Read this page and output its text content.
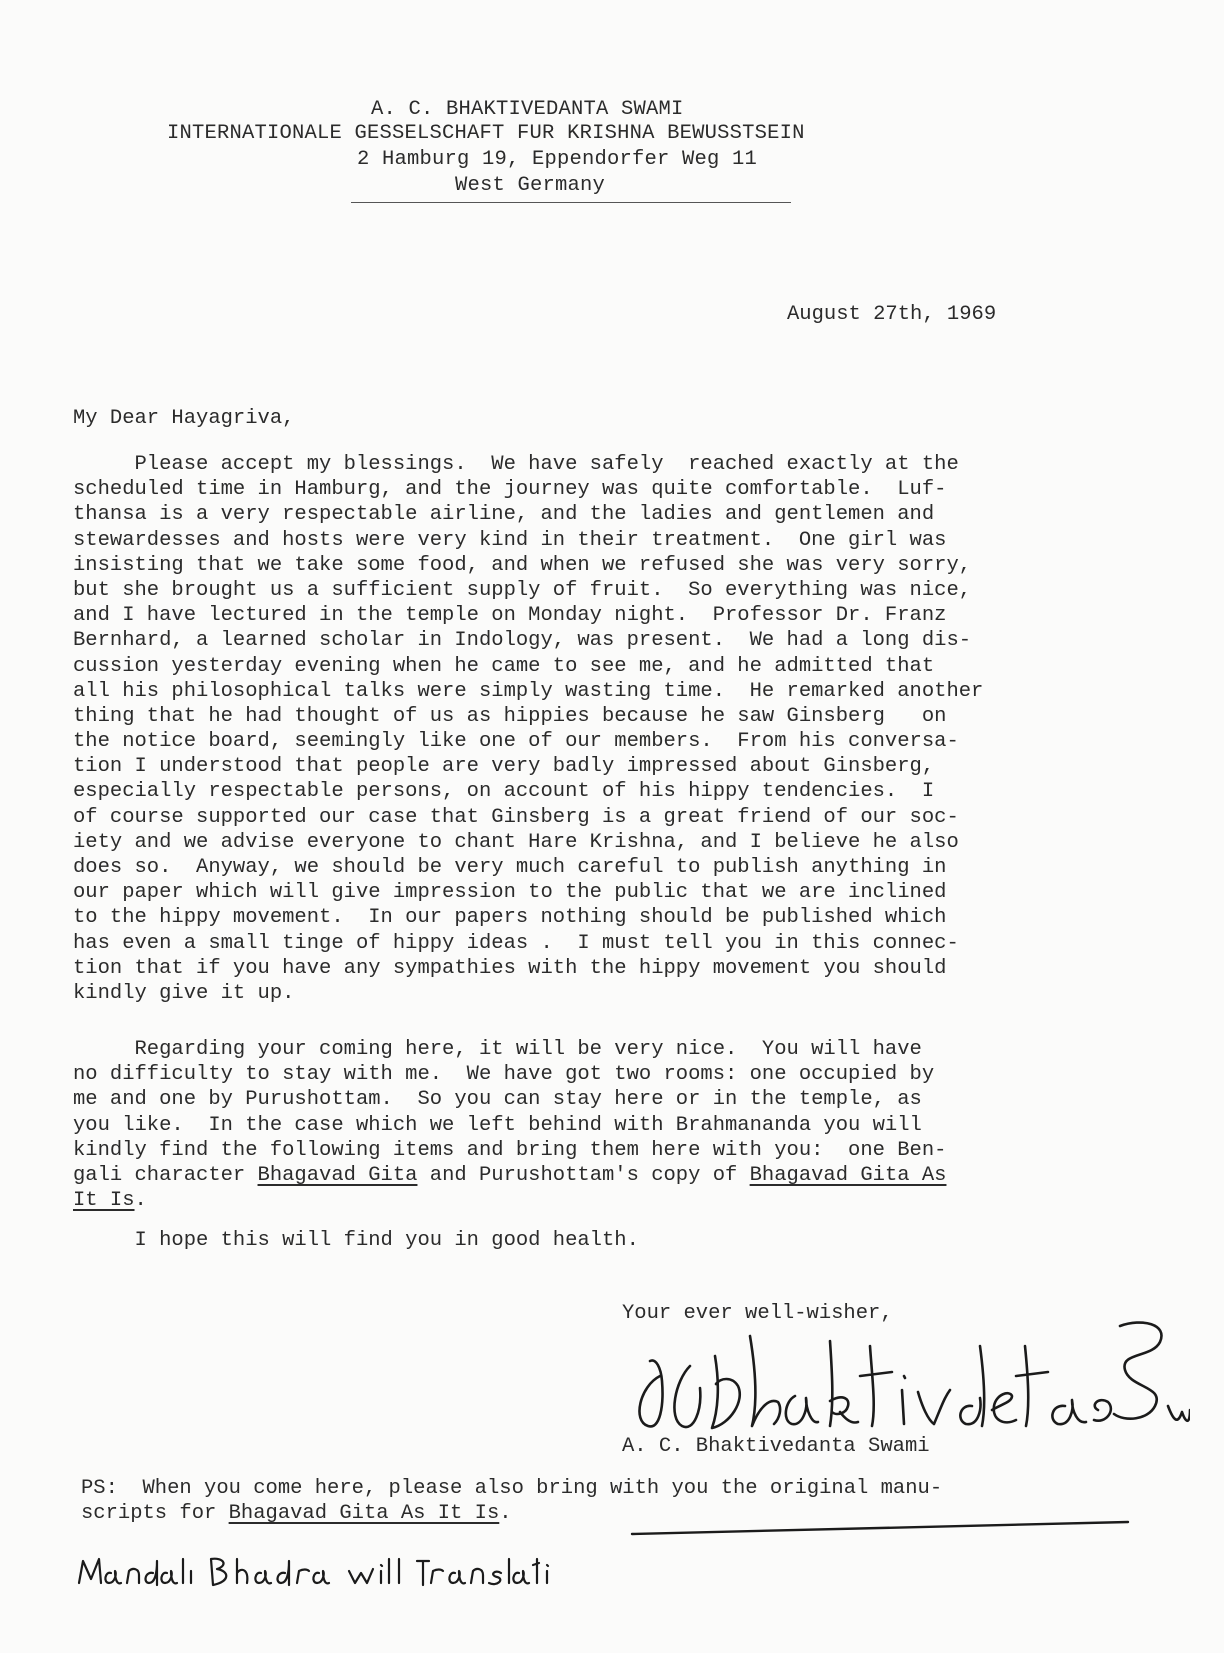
A. C. BHAKTIVEDANTA SWAMI
INTERNATIONALE GESSELSCHAFT FUR KRISHNA BEWUSSTSEIN
2 Hamburg 19, Eppendorfer Weg 11
West Germany
August 27th, 1969
My Dear Hayagriva,
Please accept my blessings.  We have safely  reached exactly at the
scheduled time in Hamburg, and the journey was quite comfortable.  Luf-
thansa is a very respectable airline, and the ladies and gentlemen and
stewardesses and hosts were very kind in their treatment.  One girl was
insisting that we take some food, and when we refused she was very sorry,
but she brought us a sufficient supply of fruit.  So everything was nice,
and I have lectured in the temple on Monday night.  Professor Dr. Franz
Bernhard, a learned scholar in Indology, was present.  We had a long dis-
cussion yesterday evening when he came to see me, and he admitted that
all his philosophical talks were simply wasting time.  He remarked another
thing that he had thought of us as hippies because he saw Ginsberg   on
the notice board, seemingly like one of our members.  From his conversa-
tion I understood that people are very badly impressed about Ginsberg,
especially respectable persons, on account of his hippy tendencies.  I
of course supported our case that Ginsberg is a great friend of our soc-
iety and we advise everyone to chant Hare Krishna, and I believe he also
does so.  Anyway, we should be very much careful to publish anything in
our paper which will give impression to the public that we are inclined
to the hippy movement.  In our papers nothing should be published which
has even a small tinge of hippy ideas .  I must tell you in this connec-
tion that if you have any sympathies with the hippy movement you should
kindly give it up.
Regarding your coming here, it will be very nice.  You will have
no difficulty to stay with me.  We have got two rooms: one occupied by
me and one by Purushottam.  So you can stay here or in the temple, as
you like.  In the case which we left behind with Brahmananda you will
kindly find the following items and bring them here with you:  one Ben-
gali character Bhagavad Gita and Purushottam's copy of Bhagavad Gita As
It Is.
I hope this will find you in good health.
Your ever well-wisher,
A. C. Bhaktivedanta Swami
PS:  When you come here, please also bring with you the original manu-
scripts for Bhagavad Gita As It Is.
